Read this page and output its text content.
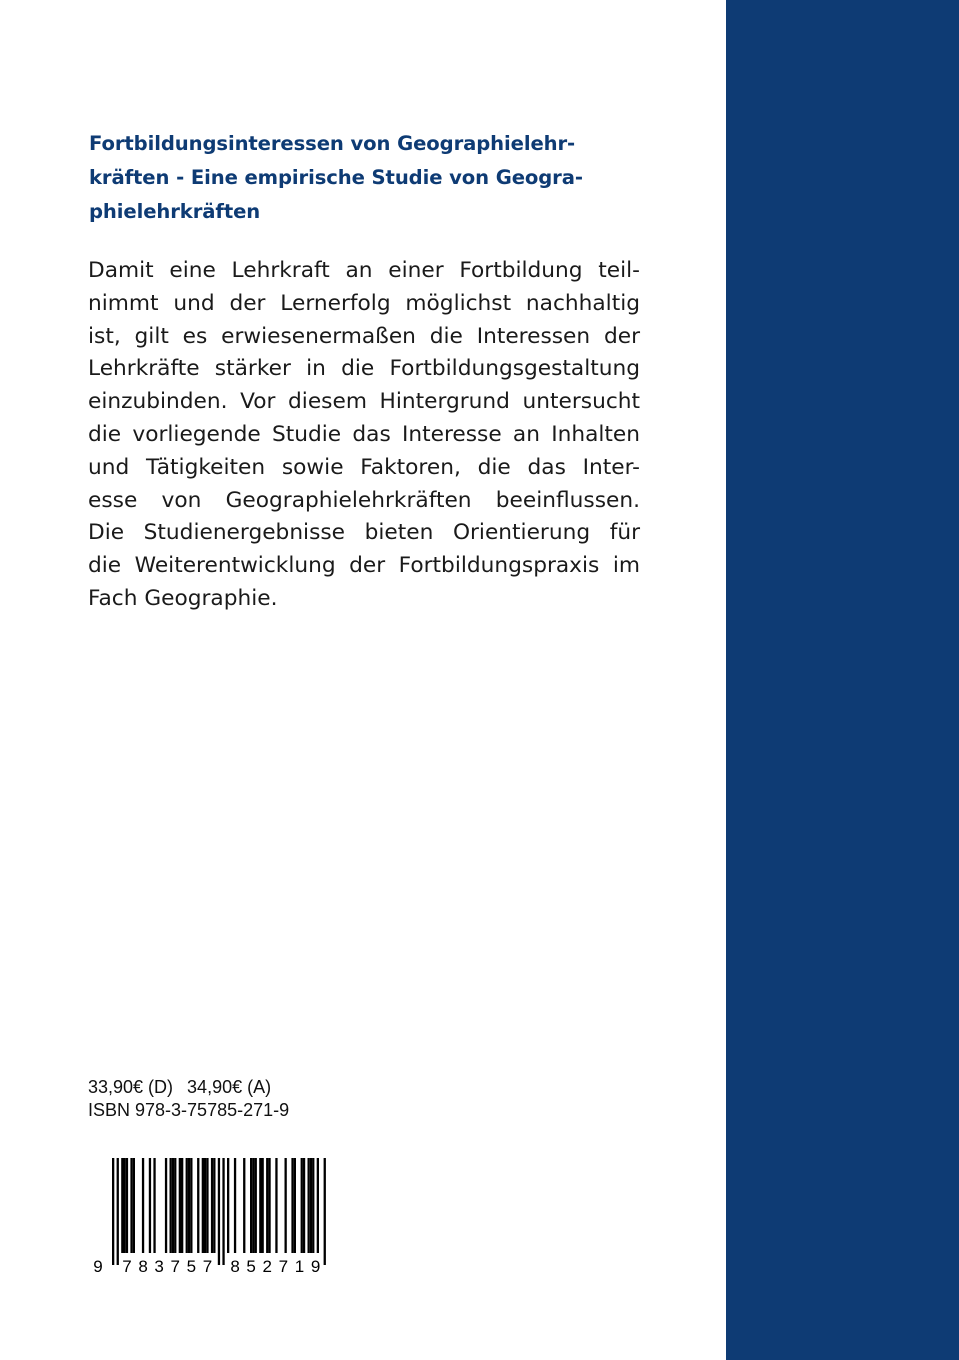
Fortbildungsinteressen von Geographielehr-
kräften - Eine empirische Studie von Geogra-
phielehrkräften

Damit eine Lehrkraft an einer Fortbildung teil-
nimmt und der Lernerfolg möglichst nachhaltig
ist, gilt es erwiesenermaßen die Interessen der
Lehrkräfte stärker in die Fortbildungsgestaltung
einzubinden. Vor diesem Hintergrund untersucht
die vorliegende Studie das Interesse an Inhalten
und Tätigkeiten sowie Faktoren, die das Inter-
esse von Geographielehrkräften beeinflussen.
Die Studienergebnisse bieten Orientierung für
die Weiterentwicklung der Fortbildungspraxis im
Fach Geographie.

33,90€ (D) 34,90€ (A)
ISBN 978-3-75785-271-9
9 7 8 3 7 5 7 8 5 2 7 1 9
